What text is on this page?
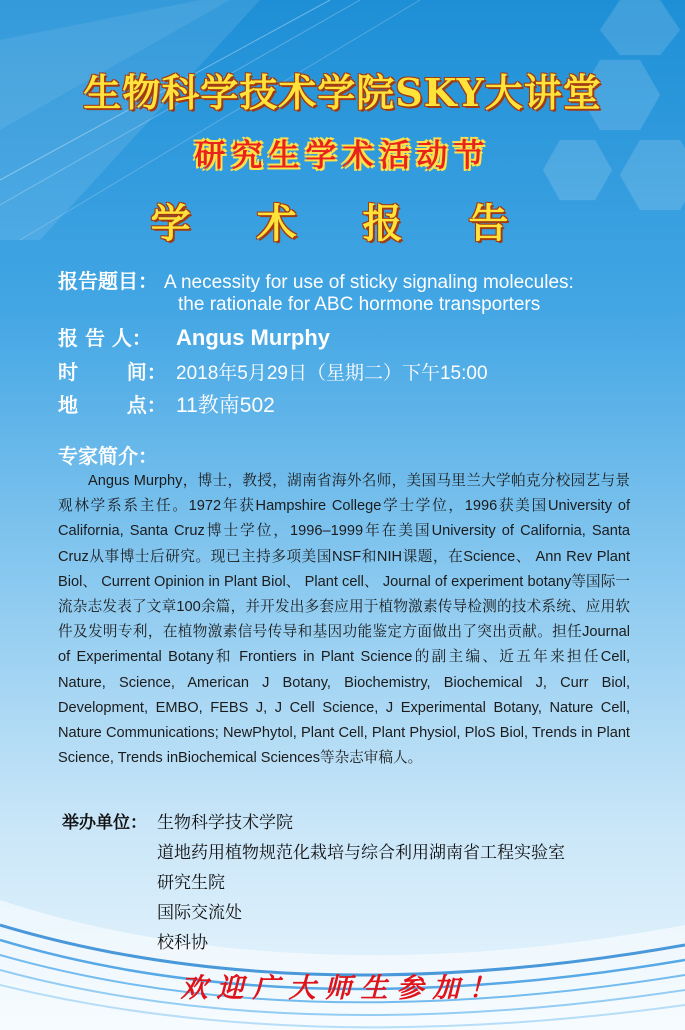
生物科学技术学院SKY大讲堂
研究生学术活动节
学 术 报 告
报告题目： A necessity for use of sticky signaling molecules:
the rationale for ABC hormone transporters
报 告 人： Angus Murphy
时       间： 2018年5月29日（星期二）下午15:00
地       点： 11教南502
专家简介：
Angus Murphy，博士，教授，湖南省海外名师，美国马里兰大学帕克分校园艺与景观林学系系主任。1972年获Hampshire College学士学位，1996获美国University of California, Santa Cruz博士学位，1996–1999年在美国University of California, Santa Cruz从事博士后研究。现已主持多项美国NSF和NIH课题，在Science、 Ann Rev Plant Biol、 Current Opinion in Plant Biol、 Plant cell、 Journal of experiment botany等国际一流杂志发表了文章100余篇，并开发出多套应用于植物激素传导检测的技术系统、应用软件及发明专利，在植物激素信号传导和基因功能鉴定方面做出了突出贡献。担任Journal of Experimental Botany和 Frontiers in Plant Science的副主编、近五年来担任Cell, Nature, Science, American J Botany, Biochemistry, Biochemical J, Curr Biol, Development, EMBO, FEBS J, J Cell Science, J Experimental Botany, Nature Cell, Nature Communications; NewPhytol, Plant Cell, Plant Physiol, PloS Biol, Trends in Plant Science, Trends inBiochemical Sciences等杂志审稿人。
举办单位： 生物科学技术学院
道地药用植物规范化栽培与综合利用湖南省工程实验室
研究生院
国际交流处
校科协
欢迎广大师生参加！
